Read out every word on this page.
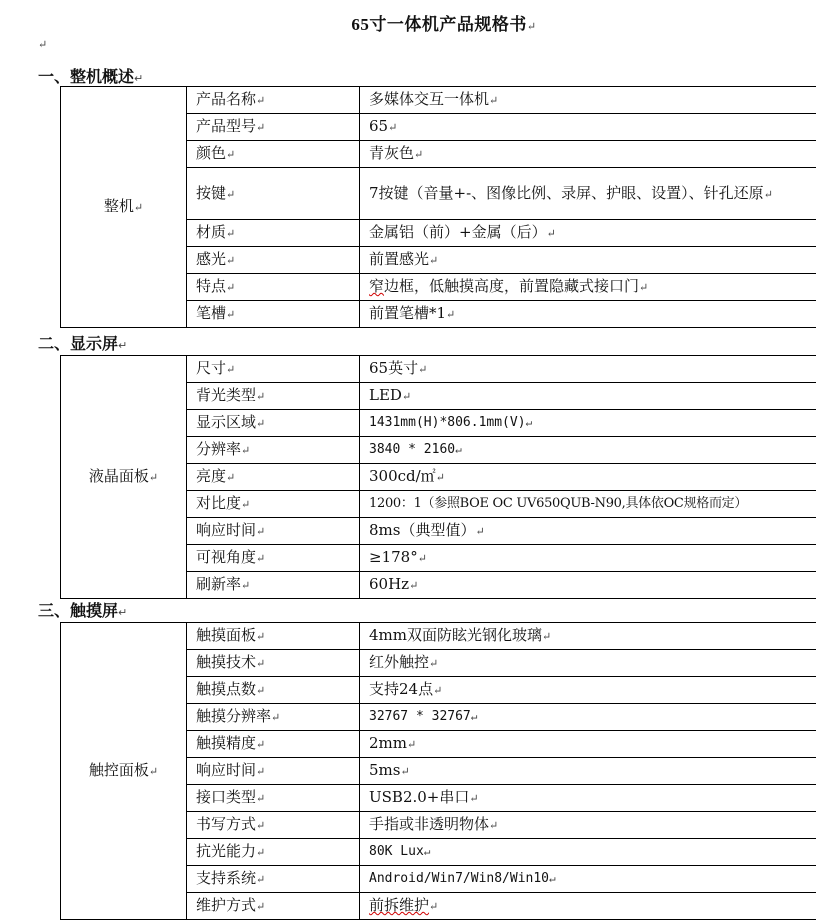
65寸一体机产品规格书↵
↵
一、整机概述↵
整机↵	产品名称↵	多媒体交互一体机↵
	产品型号↵	65↵
	颜色↵	青灰色↵
	按键↵	7按键（音量+-、图像比例、录屏、护眼、设置）、针孔还原↵
	材质↵	金属铝（前）+金属（后）↵
	感光↵	前置感光↵
	特点↵	窄边框，低触摸高度，前置隐藏式接口门↵
	笔槽↵	前置笔槽*1↵
二、显示屏↵
液晶面板↵	尺寸↵	65英寸↵
	背光类型↵	LED↵
	显示区域↵	1431mm(H)*806.1mm(V)↵
	分辨率↵	3840 * 2160↵
	亮度↵	300cd/㎡↵
	对比度↵	1200：1（参照BOE OC UV650QUB-N90,具体依OC规格而定）
	响应时间↵	8ms（典型值）↵
	可视角度↵	≥178°↵
	刷新率↵	60Hz↵
三、触摸屏↵
触控面板↵	触摸面板↵	4mm双面防眩光钢化玻璃↵
	触摸技术↵	红外触控↵
	触摸点数↵	支持24点↵
	触摸分辨率↵	32767 * 32767↵
	触摸精度↵	2mm↵
	响应时间↵	5ms↵
	接口类型↵	USB2.0+串口↵
	书写方式↵	手指或非透明物体↵
	抗光能力↵	80K Lux↵
	支持系统↵	Android/Win7/Win8/Win10↵
	维护方式↵	前拆维护↵
